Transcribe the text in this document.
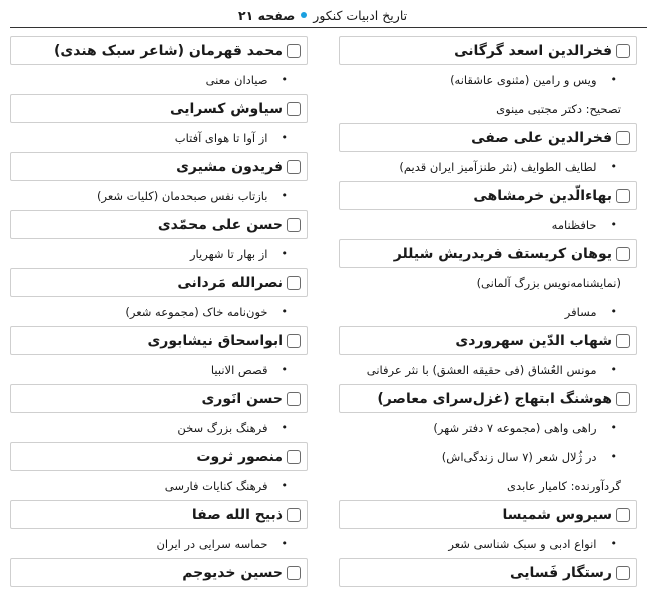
صفحه ۲۱ تاریخ ادبیات کنکور
فخرالدین اسعد گرگانی
•
ویس و رامین (مثنوی عاشقانه)
تصحیح: دکتر مجتبی مینوی
فخرالدین علی صفی
•
لطایف الطوایف (نثر طنزآمیز ایران قدیم)
بهاءالّدین خرمشاهی
•
حافظنامه
یوهان کریستف فریدریش شیللر
(نمایشنامه‌نویس بزرگ آلمانی)
•
مسافر
شهاب الدّین سهروردی
•
مونس العُشاق (فی حقیقه العشق) با نثر عرفانی
هوشنگ ابتهاج (غزل‌سرای معاصر)
•
راهی واهی (مجموعه ۷ دفتر شهر)
•
در ژُلال شعر (۷ سال زندگی‌اش)
گردآورنده: کامیار عابدی
سیروس شمیسا
•
انواع ادبی و سبک شناسی شعر
رستگار فَسایی
محمد قهرمان (شاعر سبک هندی)
•
صیادان معنی
سیاوش کسرایی
•
از آوا تا هوای آفتاب
فریدون مشیری
•
بازتاب نفس صبحدمان (کلیات شعر)
حسن علی محمّدی
•
از بهار تا شهریار
نصرالله مَردانی
•
خون‌نامه خاک (مجموعه شعر)
ابواسحاق نیشابوری
•
قصص الانبیا
حسن انَوری
•
فرهنگ بزرگ سخن
منصور ثروت
•
فرهنگ کنایات فارسی
ذبیح الله صفا
•
حماسه سرایی در ایران
حسین خدیوجم
